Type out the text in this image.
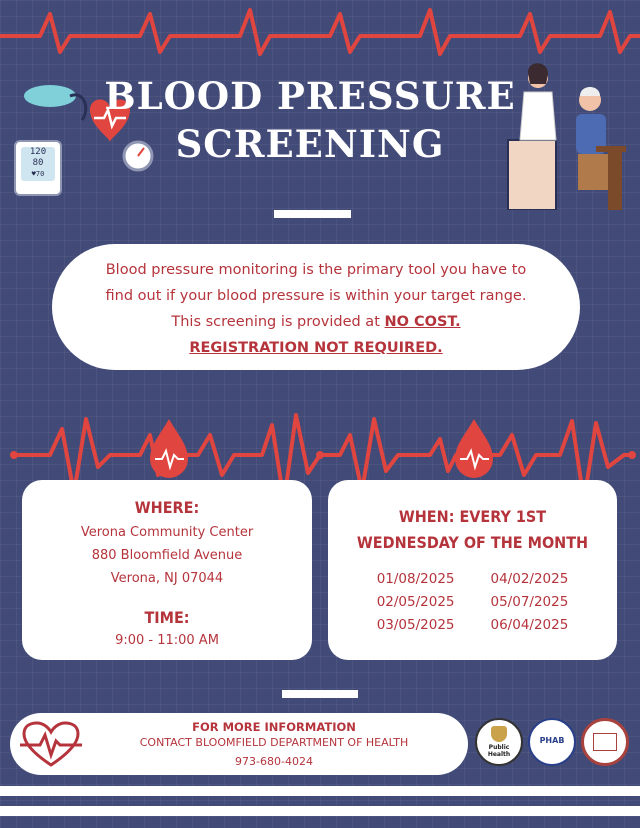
120
80
♥70
BLOOD PRESSURE
SCREENING
Blood pressure monitoring is the primary tool you have to
find out if your blood pressure is within your target range.
This screening is provided at NO COST.
REGISTRATION NOT REQUIRED.
WHERE:
Verona Community Center
880 Bloomfield Avenue
Verona, NJ 07044
TIME:
9:00 - 11:00 AM
WHEN: EVERY 1ST
WEDNESDAY OF THE MONTH
01/08/2025
02/05/2025
03/05/2025
04/02/2025
05/07/2025
06/04/2025
FOR MORE INFORMATION
CONTACT BLOOMFIELD DEPARTMENT OF HEALTH
973-680-4024
Public Health
PHAB
